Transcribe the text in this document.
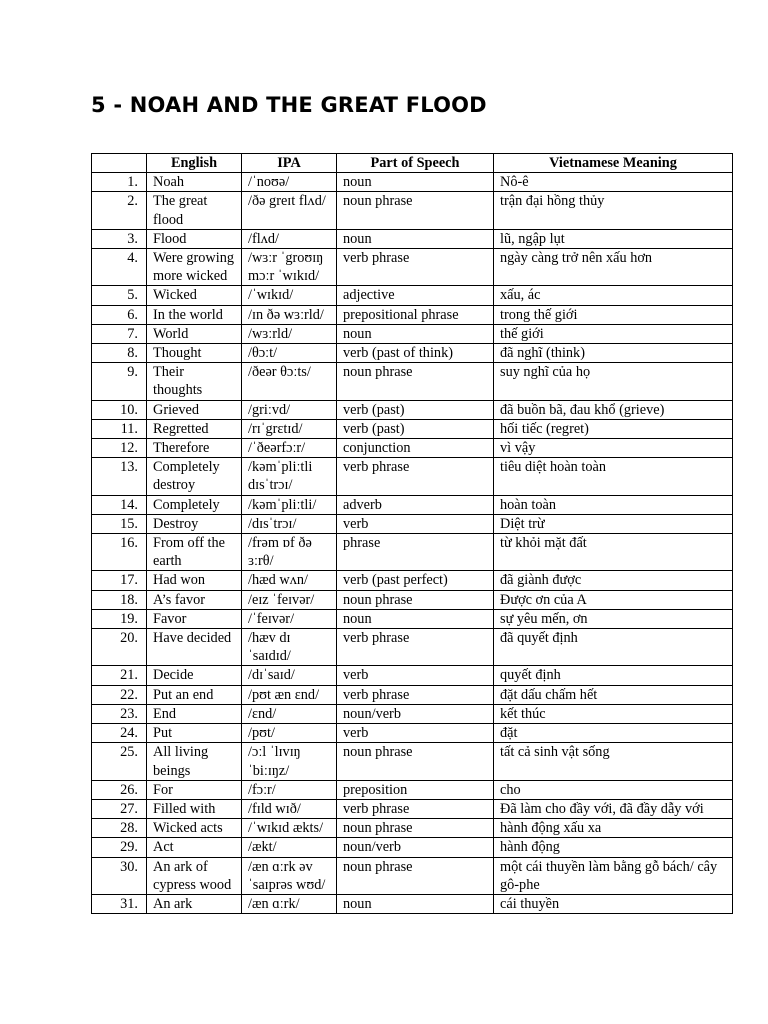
5 - NOAH AND THE GREAT FLOOD
	English	IPA	Part of Speech	Vietnamese Meaning
1.	Noah	/ˈnoʊə/	noun	Nô-ê
2.	The great flood	/ðə greɪt flʌd/	noun phrase	trận đại hồng thủy
3.	Flood	/flʌd/	noun	lũ, ngập lụt
4.	Were growing more wicked	/wɜːr ˈgroʊɪŋ mɔːr ˈwɪkɪd/	verb phrase	ngày càng trở nên xấu hơn
5.	Wicked	/ˈwɪkɪd/	adjective	xấu, ác
6.	In the world	/ɪn ðə wɜːrld/	prepositional phrase	trong thế giới
7.	World	/wɜːrld/	noun	thế giới
8.	Thought	/θɔːt/	verb (past of think)	đã nghĩ (think)
9.	Their thoughts	/ðeər θɔːts/	noun phrase	suy nghĩ của họ
10.	Grieved	/griːvd/	verb (past)	đã buồn bã, đau khổ (grieve)
11.	Regretted	/rɪˈgrɛtɪd/	verb (past)	hối tiếc (regret)
12.	Therefore	/ˈðeərfɔːr/	conjunction	vì vậy
13.	Completely destroy	/kəmˈpliːtli dɪsˈtrɔɪ/	verb phrase	tiêu diệt hoàn toàn
14.	Completely	/kəmˈpliːtli/	adverb	hoàn toàn
15.	Destroy	/dɪsˈtrɔɪ/	verb	Diệt trừ
16.	From off the earth	/frəm ɒf ðə ɜːrθ/	phrase	từ khỏi mặt đất
17.	Had won	/hæd wʌn/	verb (past perfect)	đã giành được
18.	A’s favor	/eɪz ˈfeɪvər/	noun phrase	Được ơn của A
19.	Favor	/ˈfeɪvər/	noun	sự yêu mến, ơn
20.	Have decided	/hæv dɪ ˈsaɪdɪd/	verb phrase	đã quyết định
21.	Decide	/dɪˈsaɪd/	verb	quyết định
22.	Put an end	/pʊt æn ɛnd/	verb phrase	đặt dấu chấm hết
23.	End	/ɛnd/	noun/verb	kết thúc
24.	Put	/pʊt/	verb	đặt
25.	All living beings	/ɔːl ˈlɪvɪŋ ˈbiːɪŋz/	noun phrase	tất cả sinh vật sống
26.	For	/fɔːr/	preposition	cho
27.	Filled with	/fɪld wɪð/	verb phrase	Đã làm cho đầy với, đã đầy dẫy với
28.	Wicked acts	/ˈwɪkɪd ækts/	noun phrase	hành động xấu xa
29.	Act	/ækt/	noun/verb	hành động
30.	An ark of cypress wood	/æn ɑːrk əv ˈsaɪprəs wʊd/	noun phrase	một cái thuyền làm bằng gỗ bách/ cây gô-phe
31.	An ark	/æn ɑːrk/	noun	cái thuyền
